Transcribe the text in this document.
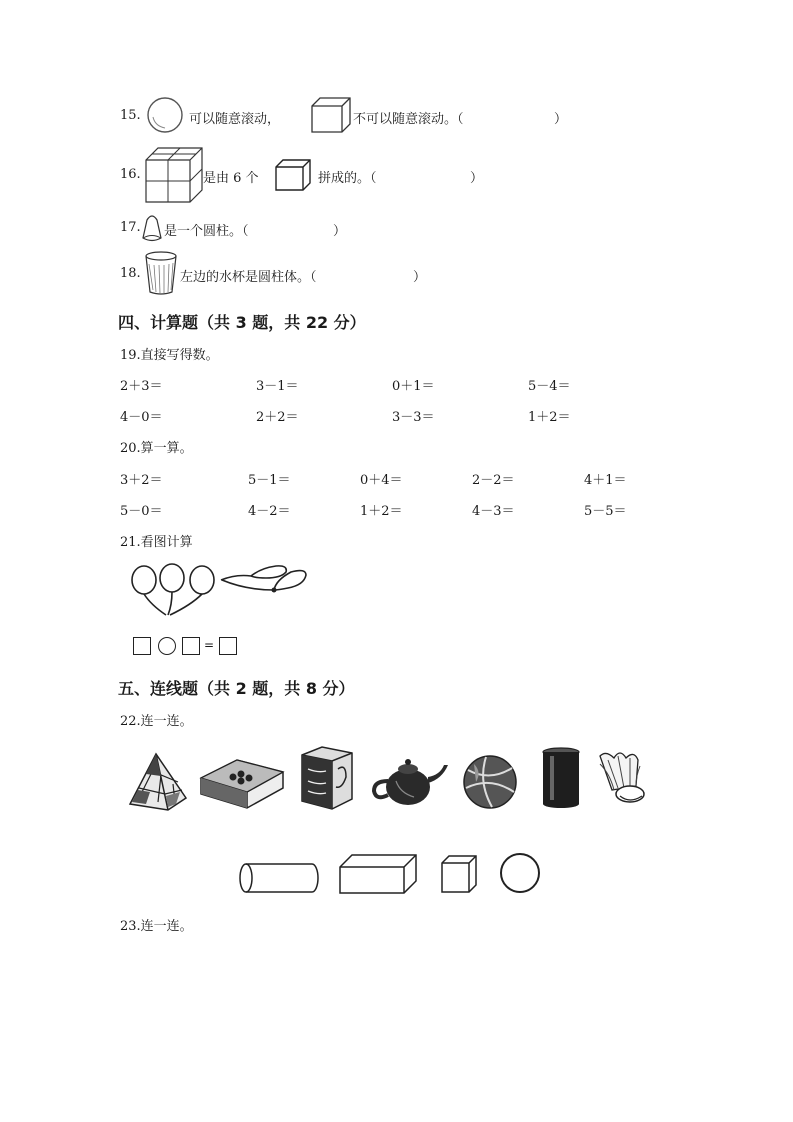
15.	可以随意滚动，	不可以随意滚动。（	）
16.	是由 6 个	拼成的。（	）
17. 是一个圆柱。（	）
18.	左边的水杯是圆柱体。（	）
四、计算题（共 3 题，共 22 分）
19.直接写得数。
2＋3＝	3－1＝	0＋1＝	5－4＝
4－0＝	2＋2＝	3－3＝	1＋2＝
20.算一算。
3＋2＝	5－1＝	0＋4＝	2－2＝	4＋1＝
5－0＝	4－2＝	1＋2＝	4－3＝	5－5＝
21.看图计算
=
五、连线题（共 2 题，共 8 分）
22.连一连。
23.连一连。
